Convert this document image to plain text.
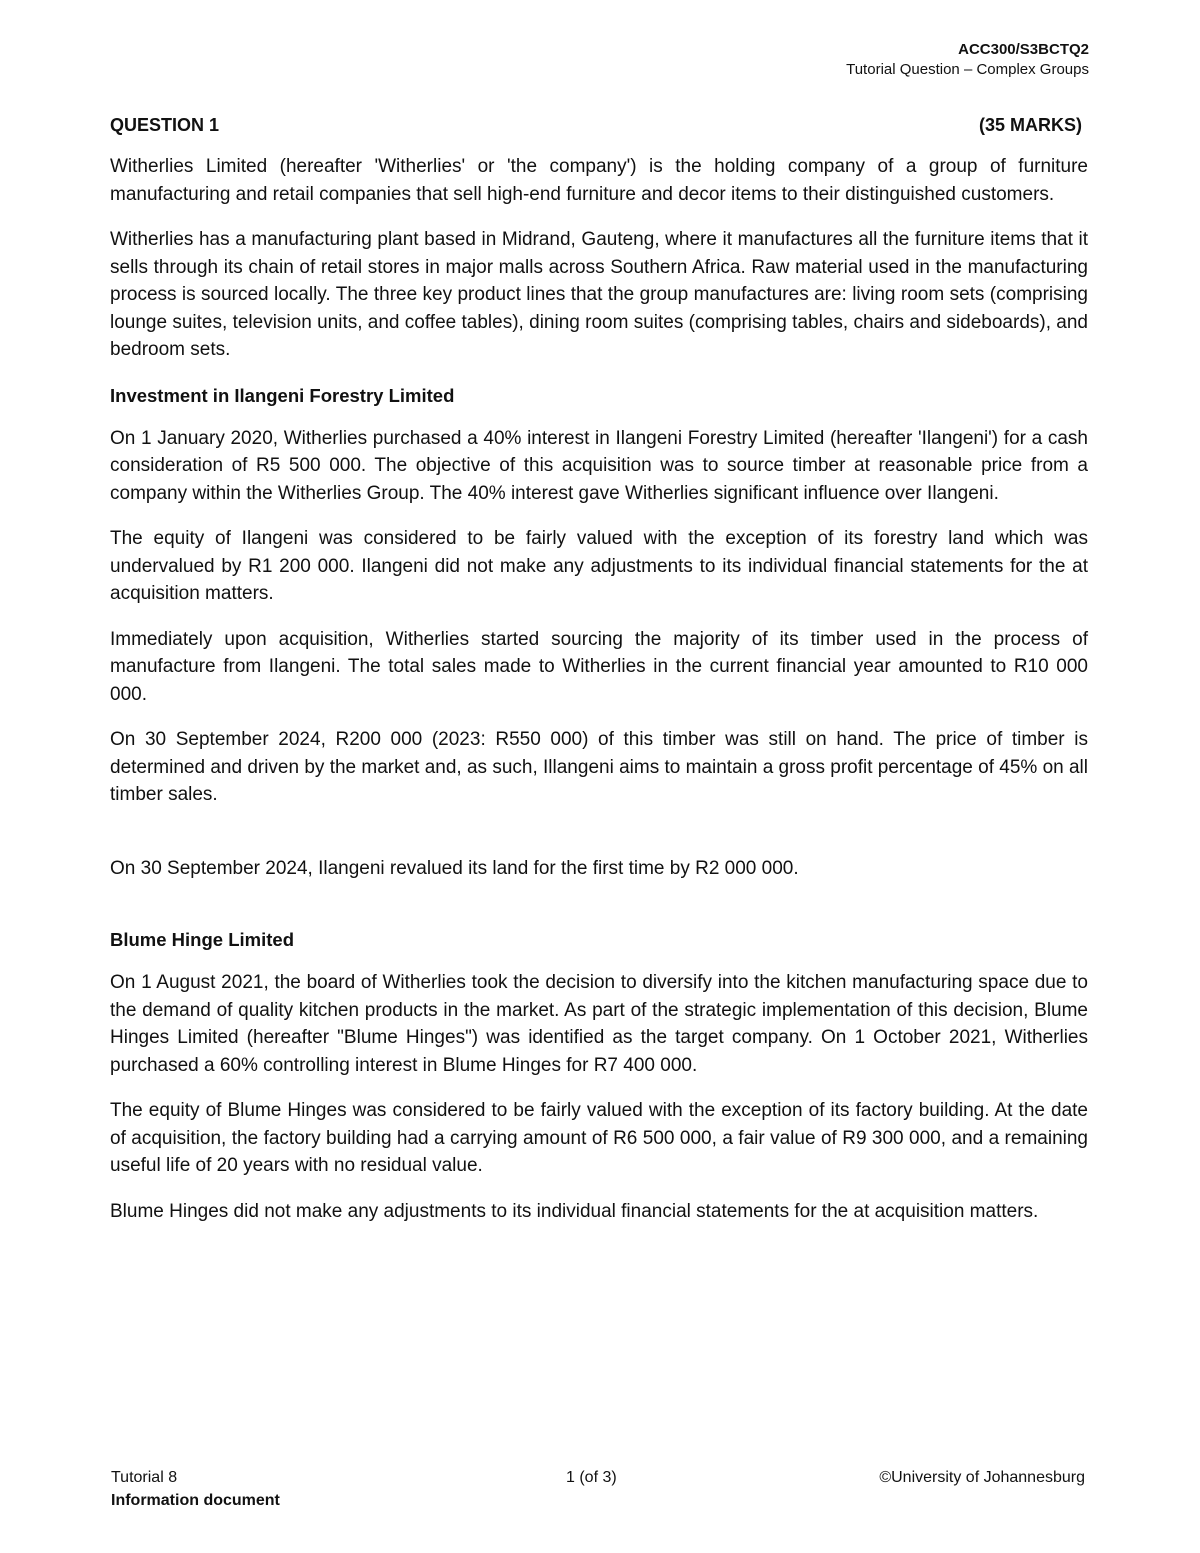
ACC300/S3BCTQ2
Tutorial Question – Complex Groups
QUESTION 1	(35 MARKS)

Witherlies Limited (hereafter 'Witherlies' or 'the company') is the holding company of a group of furniture manufacturing and retail companies that sell high-end furniture and decor items to their distinguished customers.

Witherlies has a manufacturing plant based in Midrand, Gauteng, where it manufactures all the furniture items that it sells through its chain of retail stores in major malls across Southern Africa. Raw material used in the manufacturing process is sourced locally. The three key product lines that the group manufactures are: living room sets (comprising lounge suites, television units, and coffee tables), dining room suites (comprising tables, chairs and sideboards), and bedroom sets.

Investment in Ilangeni Forestry Limited

On 1 January 2020, Witherlies purchased a 40% interest in Ilangeni Forestry Limited (hereafter 'Ilangeni') for a cash consideration of R5 500 000. The objective of this acquisition was to source timber at reasonable price from a company within the Witherlies Group. The 40% interest gave Witherlies significant influence over Ilangeni.

The equity of Ilangeni was considered to be fairly valued with the exception of its forestry land which was undervalued by R1 200 000. Ilangeni did not make any adjustments to its individual financial statements for the at acquisition matters.

Immediately upon acquisition, Witherlies started sourcing the majority of its timber used in the process of manufacture from Ilangeni. The total sales made to Witherlies in the current financial year amounted to R10 000 000.

On 30 September 2024, R200 000 (2023: R550 000) of this timber was still on hand. The price of timber is determined and driven by the market and, as such, Illangeni aims to maintain a gross profit percentage of 45% on all timber sales.

On 30 September 2024, Ilangeni revalued its land for the first time by R2 000 000.

Blume Hinge Limited

On 1 August 2021, the board of Witherlies took the decision to diversify into the kitchen manufacturing space due to the demand of quality kitchen products in the market. As part of the strategic implementation of this decision, Blume Hinges Limited (hereafter "Blume Hinges") was identified as the target company. On 1 October 2021, Witherlies purchased a 60% controlling interest in Blume Hinges for R7 400 000.

The equity of Blume Hinges was considered to be fairly valued with the exception of its factory building. At the date of acquisition, the factory building had a carrying amount of R6 500 000, a fair value of R9 300 000, and a remaining useful life of 20 years with no residual value.

Blume Hinges did not make any adjustments to its individual financial statements for the at acquisition matters.

Tutorial 8	1 (of 3)	©University of Johannesburg
Information document
